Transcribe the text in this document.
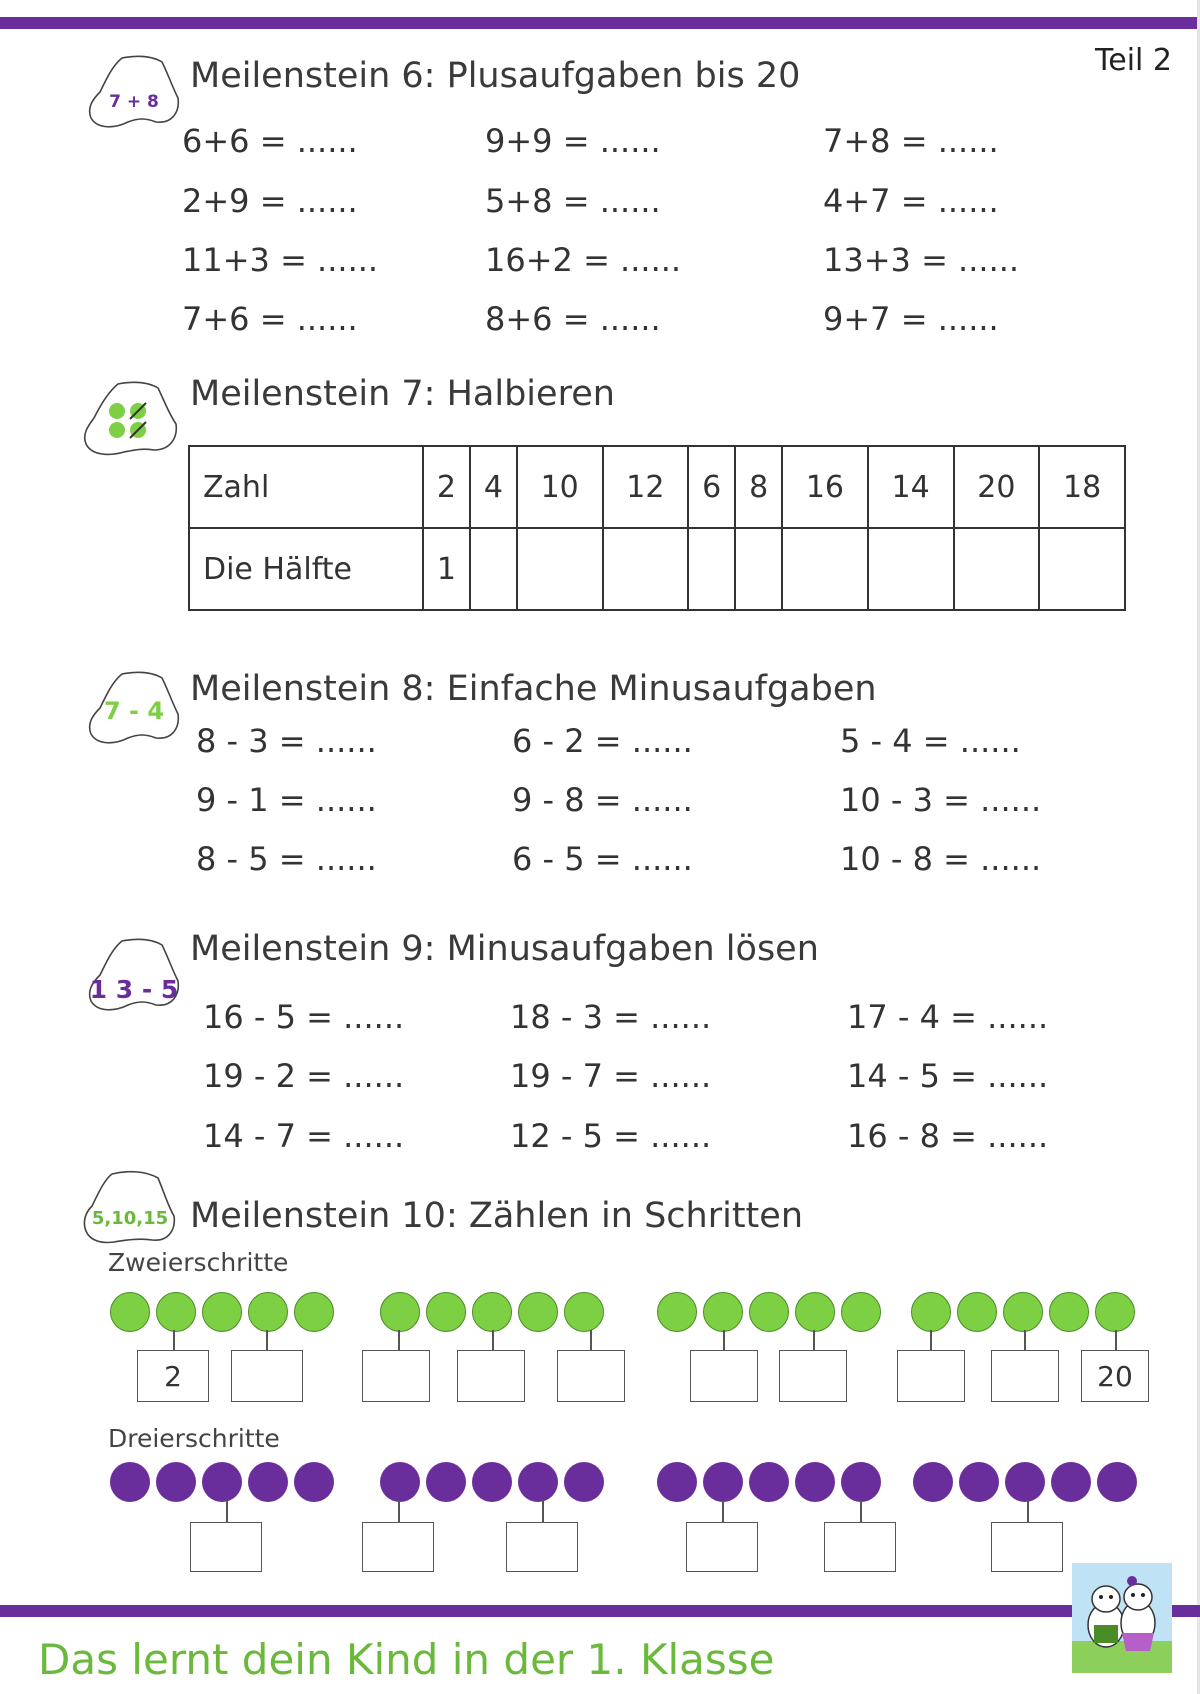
Teil 2
7 + 8
Meilenstein 6: Plusaufgaben bis 20
6+6 = ......	9+9 = ......	7+8 = ......
2+9 = ......	5+8 = ......	4+7 = ......
11+3 = ......	16+2 = ......	13+3 = ......
7+6 = ......	8+6 = ......	9+7 = ......
Meilenstein 7: Halbieren
Zahl	2	4	10	12	6	8	16	14	20	18
Die Hälfte	1									
7 - 4
Meilenstein 8: Einfache Minusaufgaben
8 - 3 = ......	6 - 2 = ......	5 - 4 = ......
9 - 1 = ......	9 - 8 = ......	10 - 3 = ......
8 - 5 = ......	6 - 5 = ......	10 - 8 = ......
1 3 - 5
Meilenstein 9: Minusaufgaben lösen
16 - 5 = ......	18 - 3 = ......	17 - 4 = ......
19 - 2 = ......	19 - 7 = ......	14 - 5 = ......
14 - 7 = ......	12 - 5 = ......	16 - 8 = ......
5,10,15 Meilenstein 10: Zählen in Schritten
Zweierschritte
Dreierschritte
2	20
Das lernt dein Kind in der 1. Klasse
